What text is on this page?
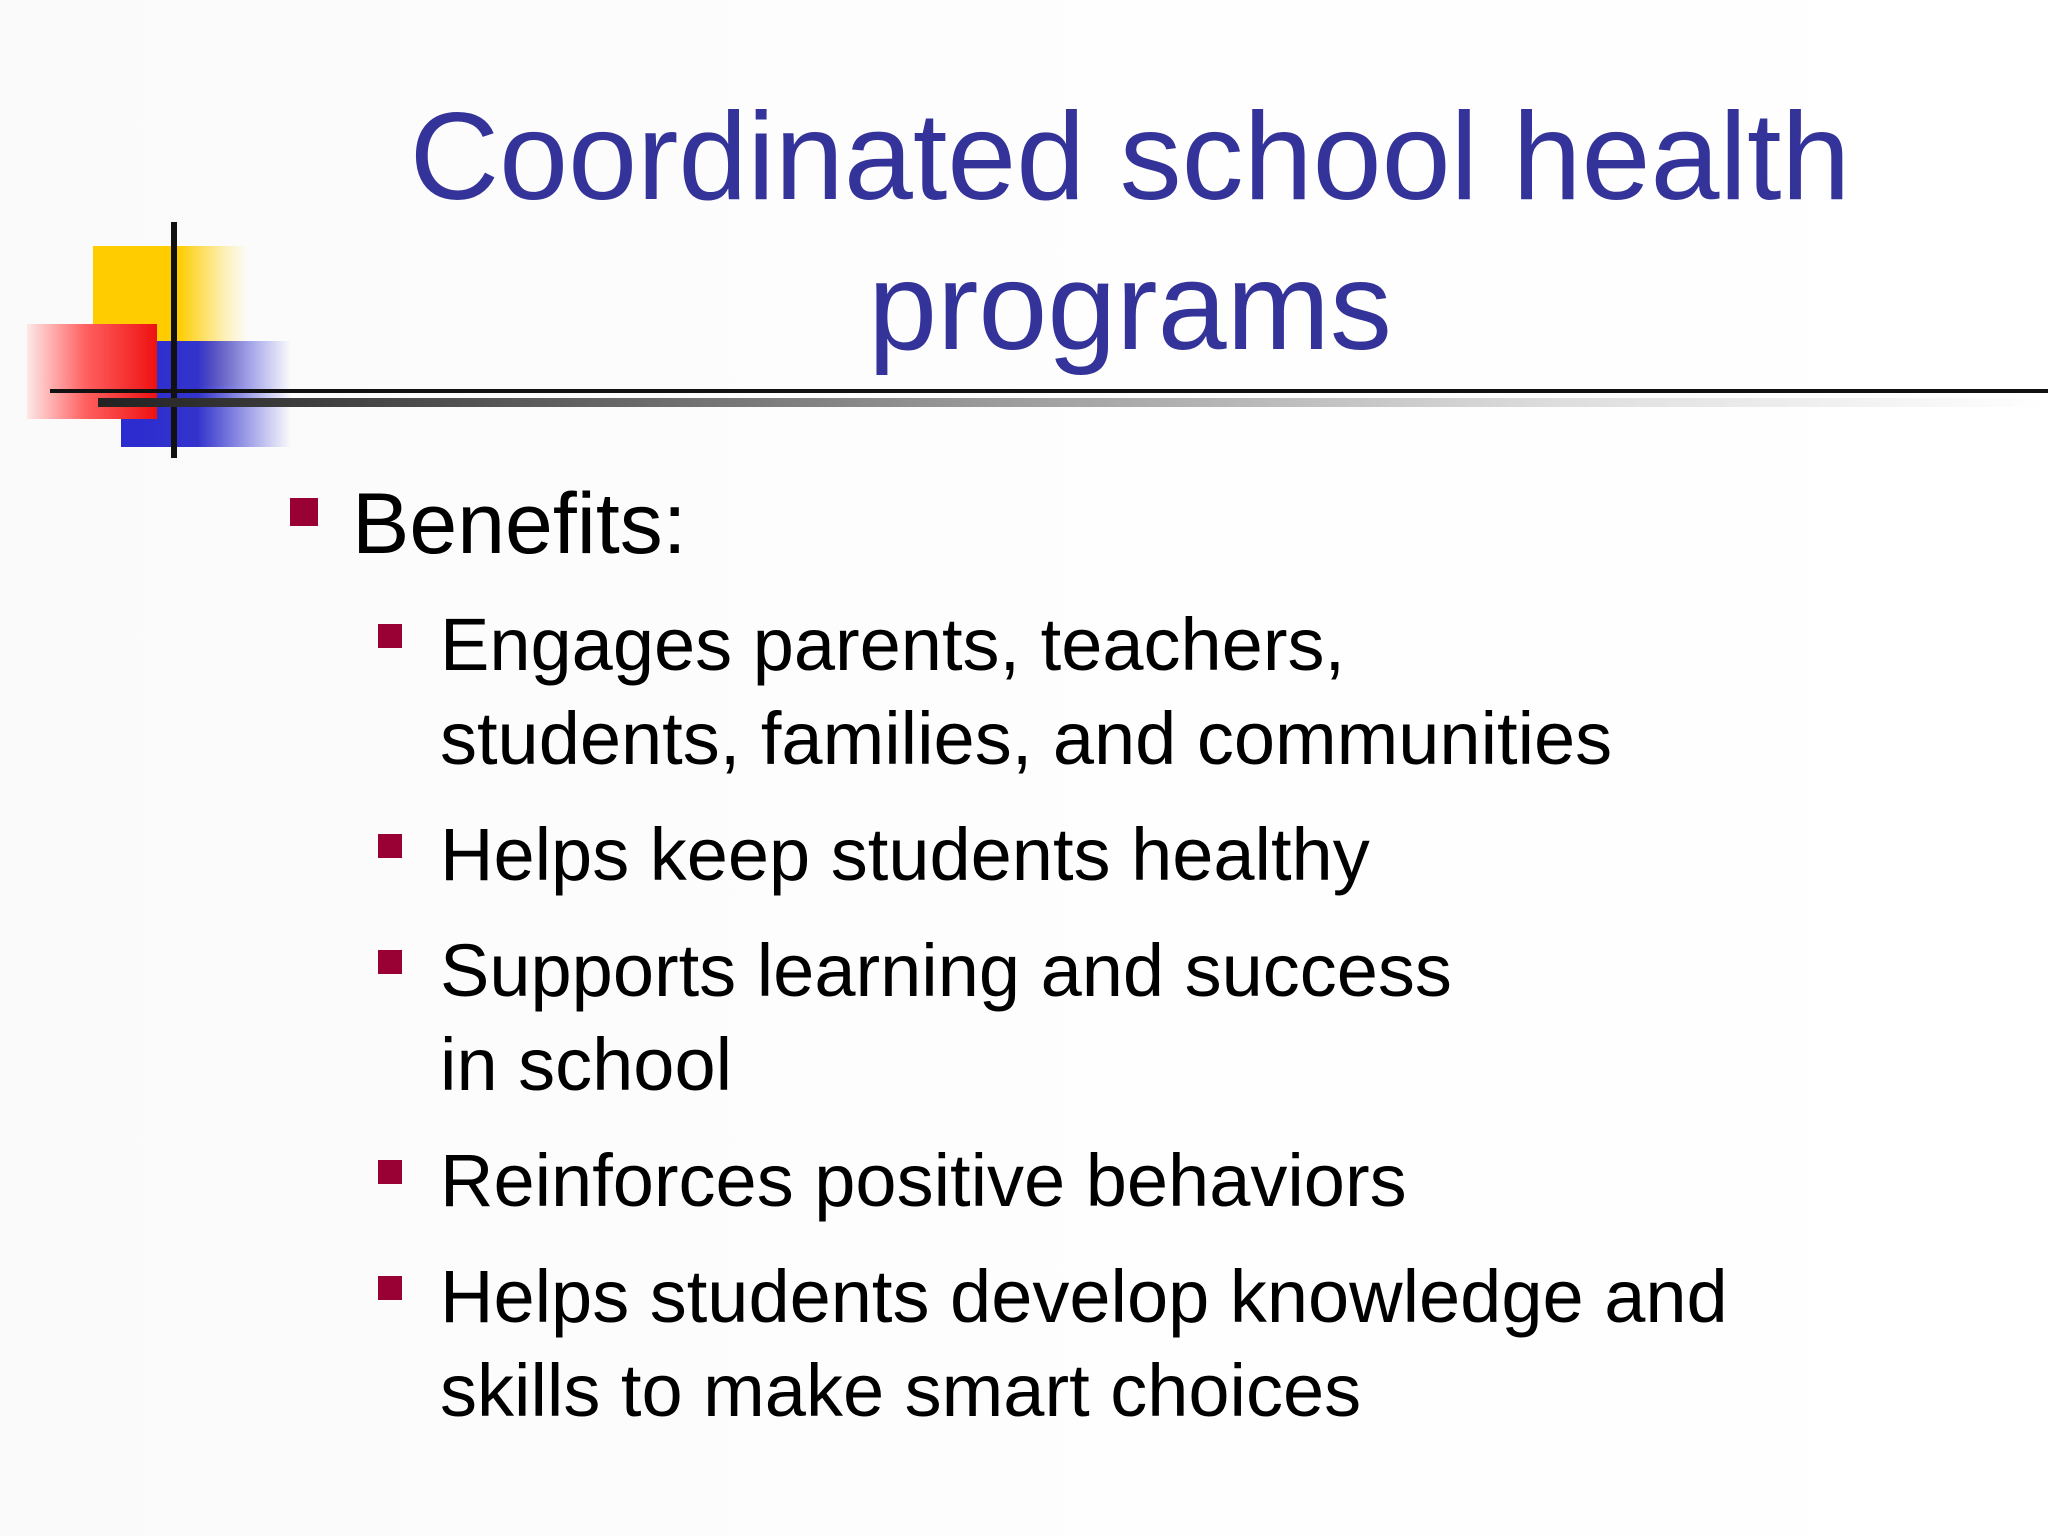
Coordinated school health programs
Benefits:
Engages parents, teachers,
students, families, and communities
Helps keep students healthy
Supports learning and success
in school
Reinforces positive behaviors
Helps students develop knowledge and
skills to make smart choices
